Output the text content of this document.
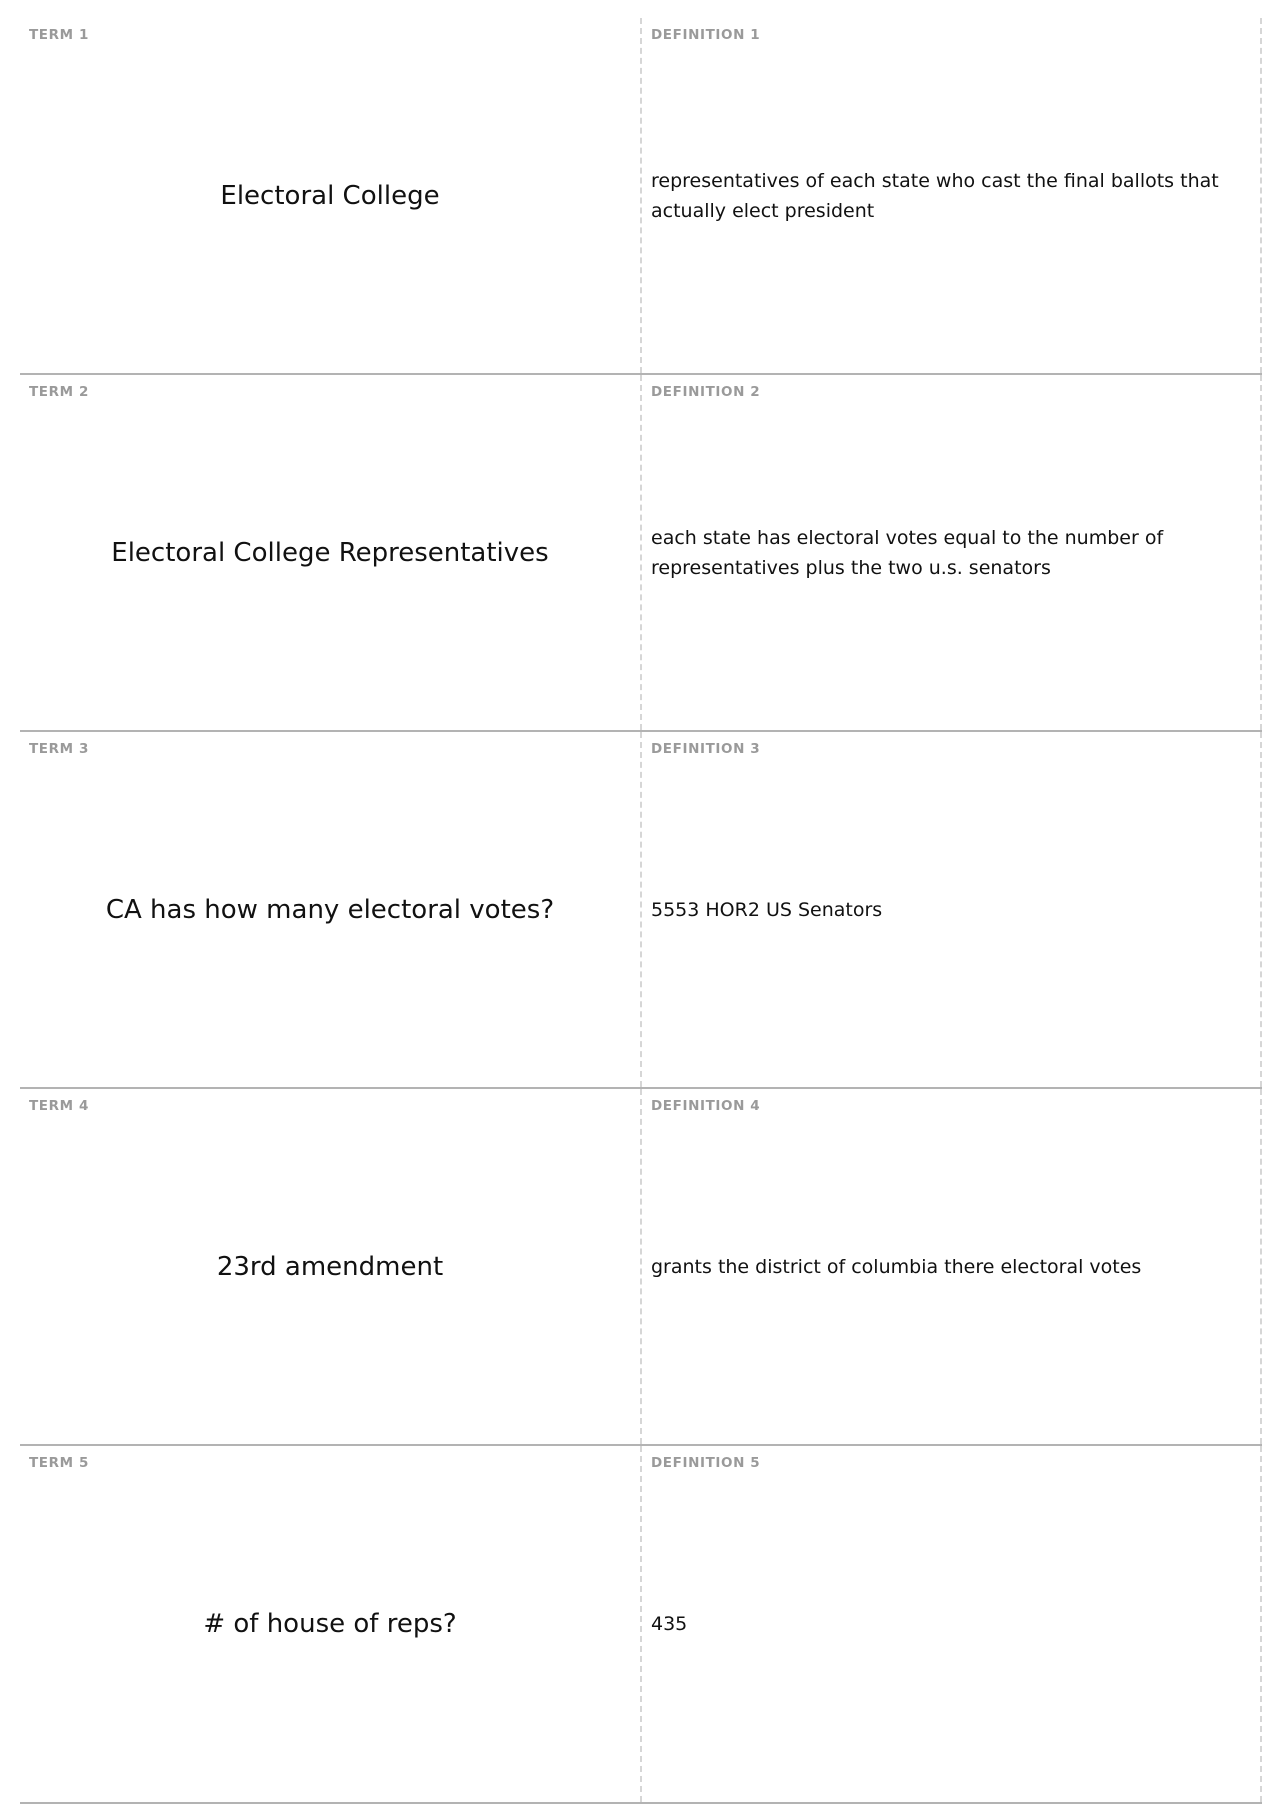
TERM 1
Electoral College
DEFINITION 1
representatives of each state who cast the final ballots that actually elect president
TERM 2
Electoral College Representatives
DEFINITION 2
each state has electoral votes equal to the number of representatives plus the two u.s. senators
TERM 3
CA has how many electoral votes?
DEFINITION 3
5553 HOR2 US Senators
TERM 4
23rd amendment
DEFINITION 4
grants the district of columbia there electoral votes
TERM 5
# of house of reps?
DEFINITION 5
435
